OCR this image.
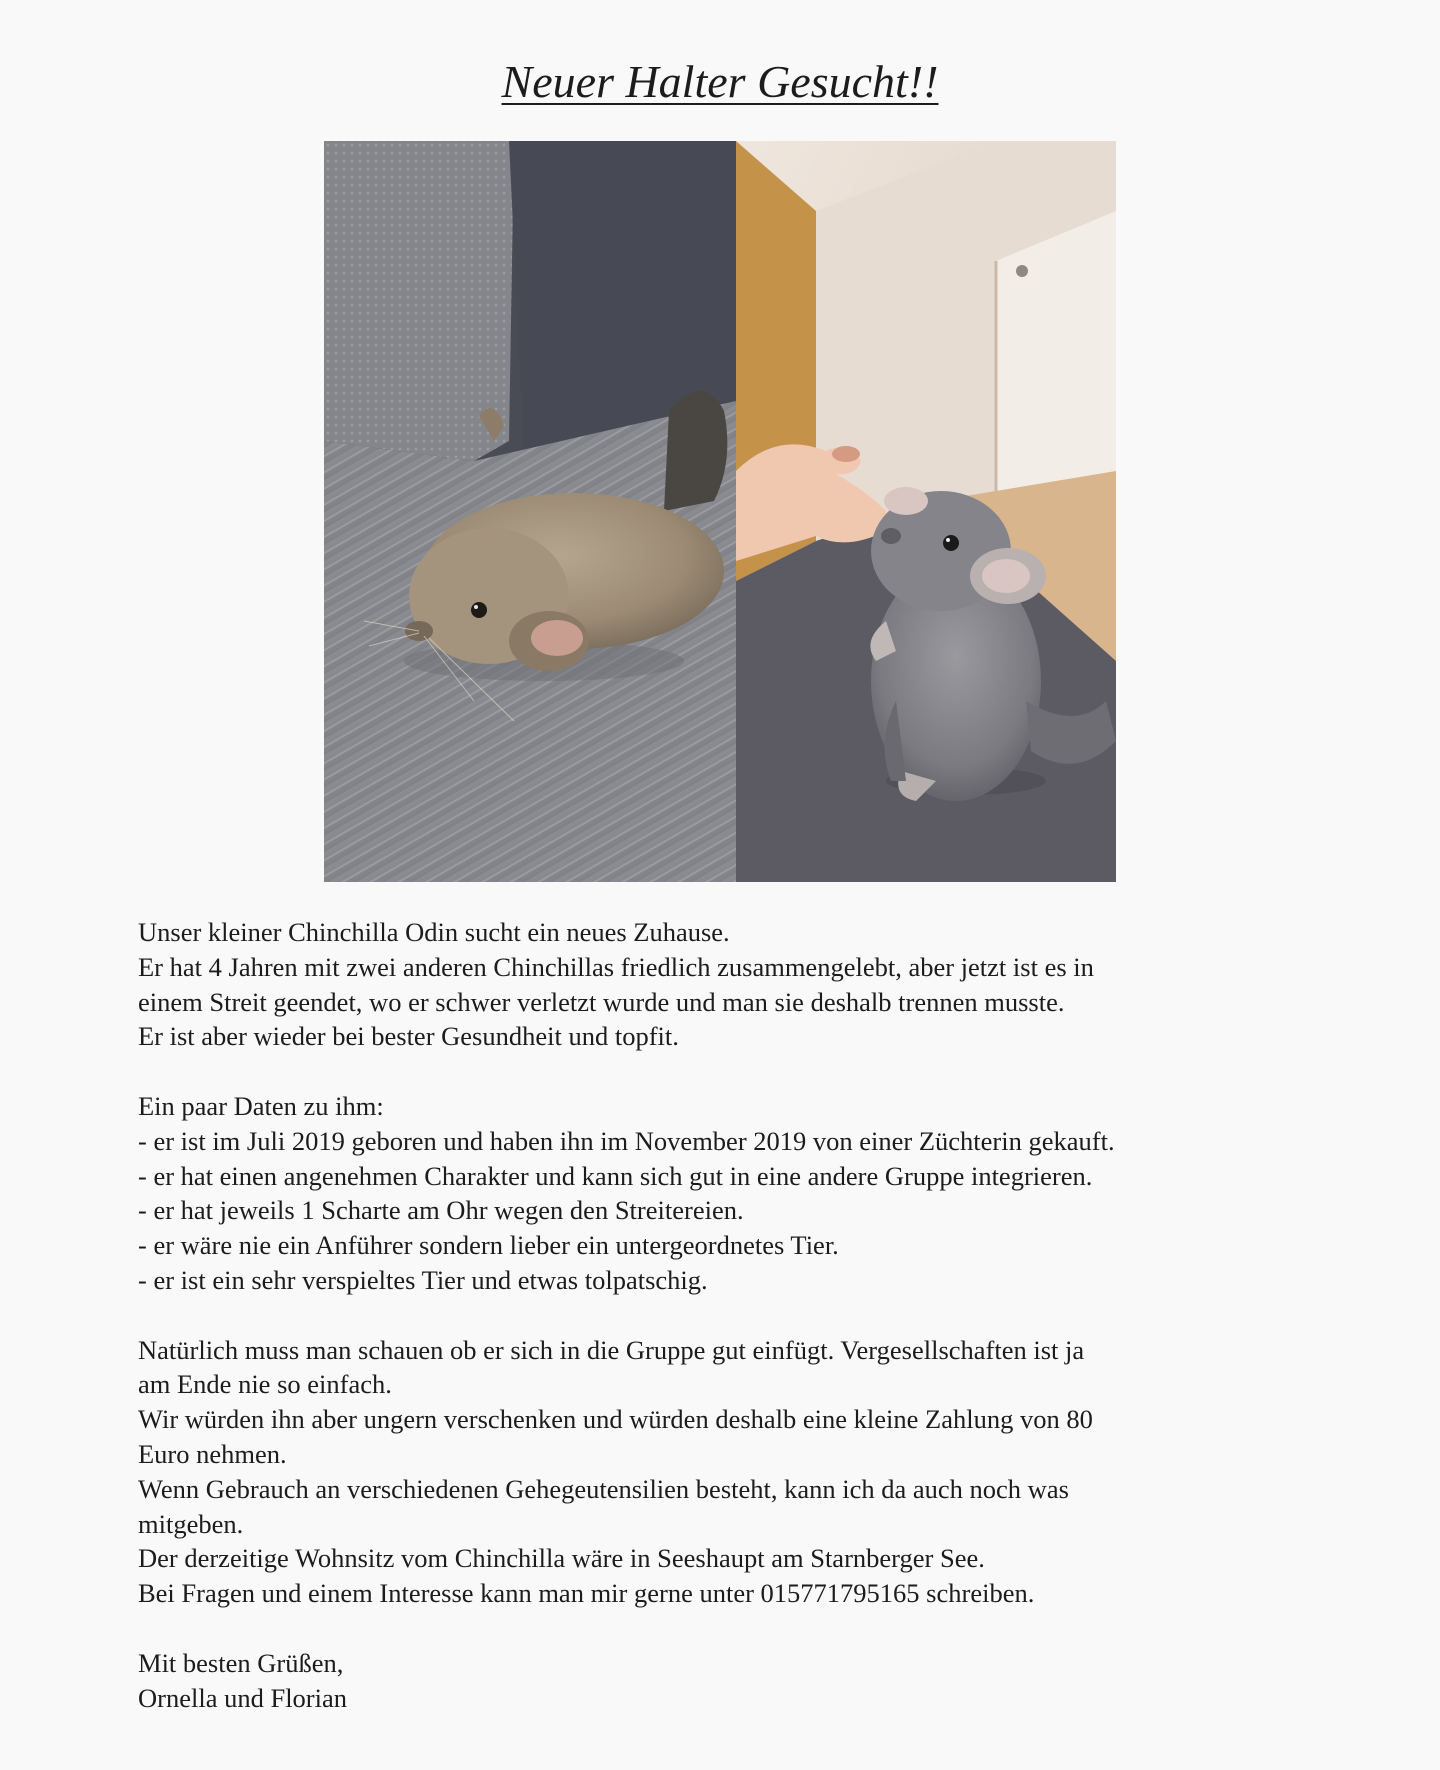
Neuer Halter Gesucht!!

Unser kleiner Chinchilla Odin sucht ein neues Zuhause.

Er hat 4 Jahren mit zwei anderen Chinchillas friedlich zusammengelebt, aber jetzt ist es in

einem Streit geendet, wo er schwer verletzt wurde und man sie deshalb trennen musste.

Er ist aber wieder bei bester Gesundheit und topfit.

Ein paar Daten zu ihm:

- er ist im Juli 2019 geboren und haben ihn im November 2019 von einer Züchterin gekauft.

- er hat einen angenehmen Charakter und kann sich gut in eine andere Gruppe integrieren.

- er hat jeweils 1 Scharte am Ohr wegen den Streitereien.

- er wäre nie ein Anführer sondern lieber ein untergeordnetes Tier.

- er ist ein sehr verspieltes Tier und etwas tolpatschig.

Natürlich muss man schauen ob er sich in die Gruppe gut einfügt. Vergesellschaften ist ja

am Ende nie so einfach.

Wir würden ihn aber ungern verschenken und würden deshalb eine kleine Zahlung von 80

Euro nehmen.

Wenn Gebrauch an verschiedenen Gehegeutensilien besteht, kann ich da auch noch was

mitgeben.

Der derzeitige Wohnsitz vom Chinchilla wäre in Seeshaupt am Starnberger See.

Bei Fragen und einem Interesse kann man mir gerne unter 015771795165 schreiben.

Mit besten Grüßen,

Ornella und Florian
